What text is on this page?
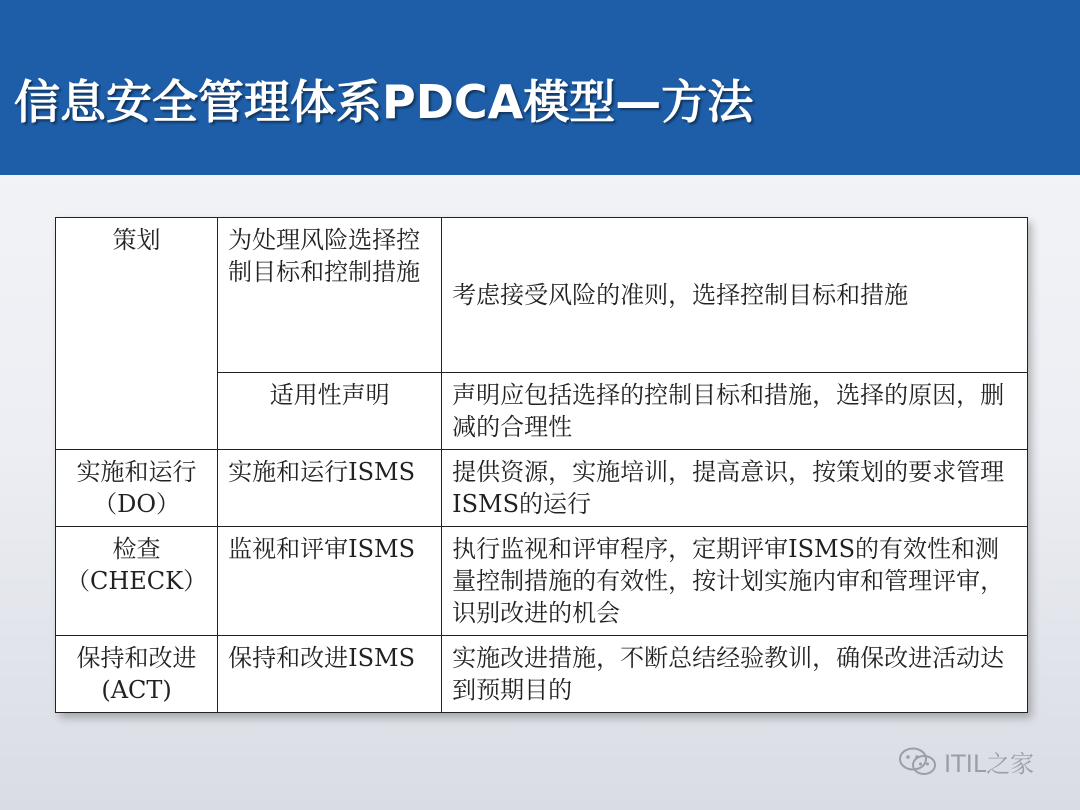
信息安全管理体系PDCA模型—方法
策划	为处理风险选择控制目标和控制措施	考虑接受风险的准则，选择控制目标和措施
	适用性声明	声明应包括选择的控制目标和措施，选择的原因，删减的合理性
实施和运行（DO）	实施和运行ISMS	提供资源，实施培训，提高意识，按策划的要求管理ISMS的运行
检查（CHECK）	监视和评审ISMS	执行监视和评审程序，定期评审ISMS的有效性和测量控制措施的有效性，按计划实施内审和管理评审，识别改进的机会
保持和改进(ACT)	保持和改进ISMS	实施改进措施，不断总结经验教训，确保改进活动达到预期目的
ITIL之家
